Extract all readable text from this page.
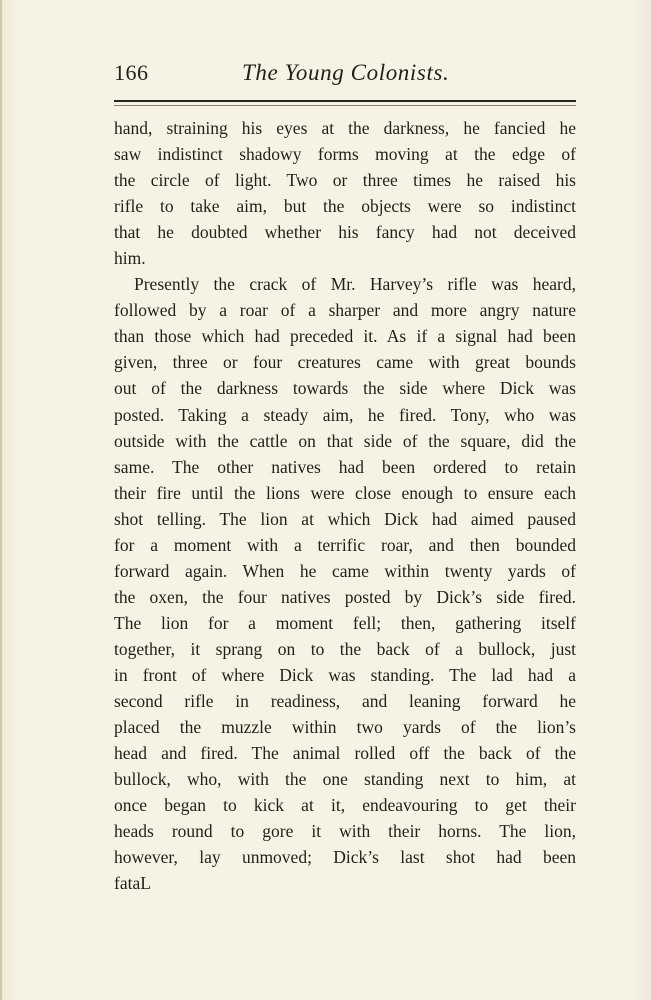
166	The Young Colonists.
hand, straining his eyes at the darkness, he fancied he
saw indistinct shadowy forms moving at the edge of
the circle of light. Two or three times he raised his
rifle to take aim, but the objects were so indistinct
that he doubted whether his fancy had not deceived
him.
Presently the crack of Mr. Harvey’s rifle was heard,
followed by a roar of a sharper and more angry nature
than those which had preceded it. As if a signal had been
given, three or four creatures came with great bounds
out of the darkness towards the side where Dick was
posted. Taking a steady aim, he fired. Tony, who was
outside with the cattle on that side of the square, did the
same. The other natives had been ordered to retain
their fire until the lions were close enough to ensure each
shot telling. The lion at which Dick had aimed paused
for a moment with a terrific roar, and then bounded
forward again. When he came within twenty yards of
the oxen, the four natives posted by Dick’s side fired.
The lion for a moment fell; then, gathering itself
together, it sprang on to the back of a bullock, just
in front of where Dick was standing. The lad had a
second rifle in readiness, and leaning forward he
placed the muzzle within two yards of the lion’s
head and fired. The animal rolled off the back of the
bullock, who, with the one standing next to him, at
once began to kick at it, endeavouring to get their
heads round to gore it with their horns. The lion,
however, lay unmoved; Dick’s last shot had been
fataL
